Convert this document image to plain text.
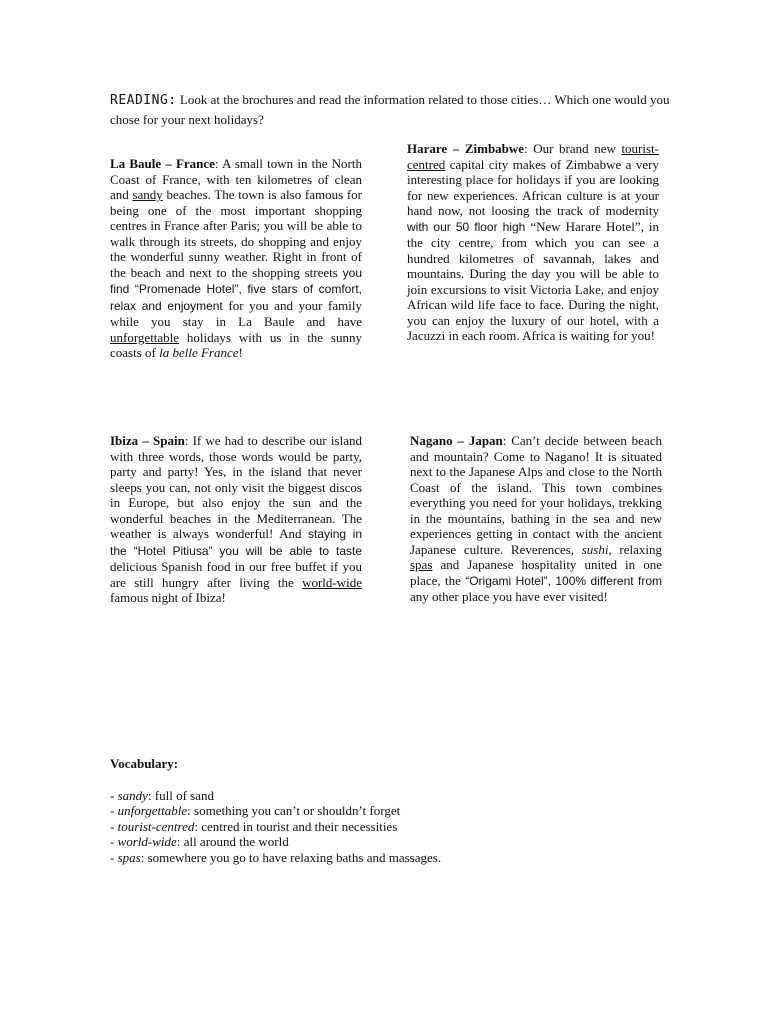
READING: Look at the brochures and read the information related to those cities… Which one would you chose for your next holidays?
La Baule – France: A small town in the North Coast of France, with ten kilometres of clean and sandy beaches. The town is also famous for being one of the most important shopping centres in France after Paris; you will be able to walk through its streets, do shopping and enjoy the wonderful sunny weather. Right in front of the beach and next to the shopping streets you find “Promenade Hotel”, five stars of comfort, relax and enjoyment for you and your family while you stay in La Baule and have unforgettable holidays with us in the sunny coasts of la belle France!
Harare – Zimbabwe: Our brand new tourist-centred capital city makes of Zimbabwe a very interesting place for holidays if you are looking for new experiences. African culture is at your hand now, not loosing the track of modernity with our 50 floor high “New Harare Hotel”, in the city centre, from which you can see a hundred kilometres of savannah, lakes and mountains. During the day you will be able to join excursions to visit Victoria Lake, and enjoy African wild life face to face. During the night, you can enjoy the luxury of our hotel, with a Jacuzzi in each room. Africa is waiting for you!
Ibiza – Spain: If we had to describe our island with three words, those words would be party, party and party! Yes, in the island that never sleeps you can, not only visit the biggest discos in Europe, but also enjoy the sun and the wonderful beaches in the Mediterranean. The weather is always wonderful! And staying in the “Hotel Pitiusa” you will be able to taste delicious Spanish food in our free buffet if you are still hungry after living the world-wide famous night of Ibiza!
Nagano – Japan: Can’t decide between beach and mountain? Come to Nagano! It is situated next to the Japanese Alps and close to the North Coast of the island. This town combines everything you need for your holidays, trekking in the mountains, bathing in the sea and new experiences getting in contact with the ancient Japanese culture. Reverences, sushi, relaxing spas and Japanese hospitality united in one place, the “Origami Hotel”, 100% different from any other place you have ever visited!
Vocabulary:
- sandy: full of sand
- unforgettable: something you can’t or shouldn’t forget
- tourist-centred: centred in tourist and their necessities
- world-wide: all around the world
- spas: somewhere you go to have relaxing baths and massages.
